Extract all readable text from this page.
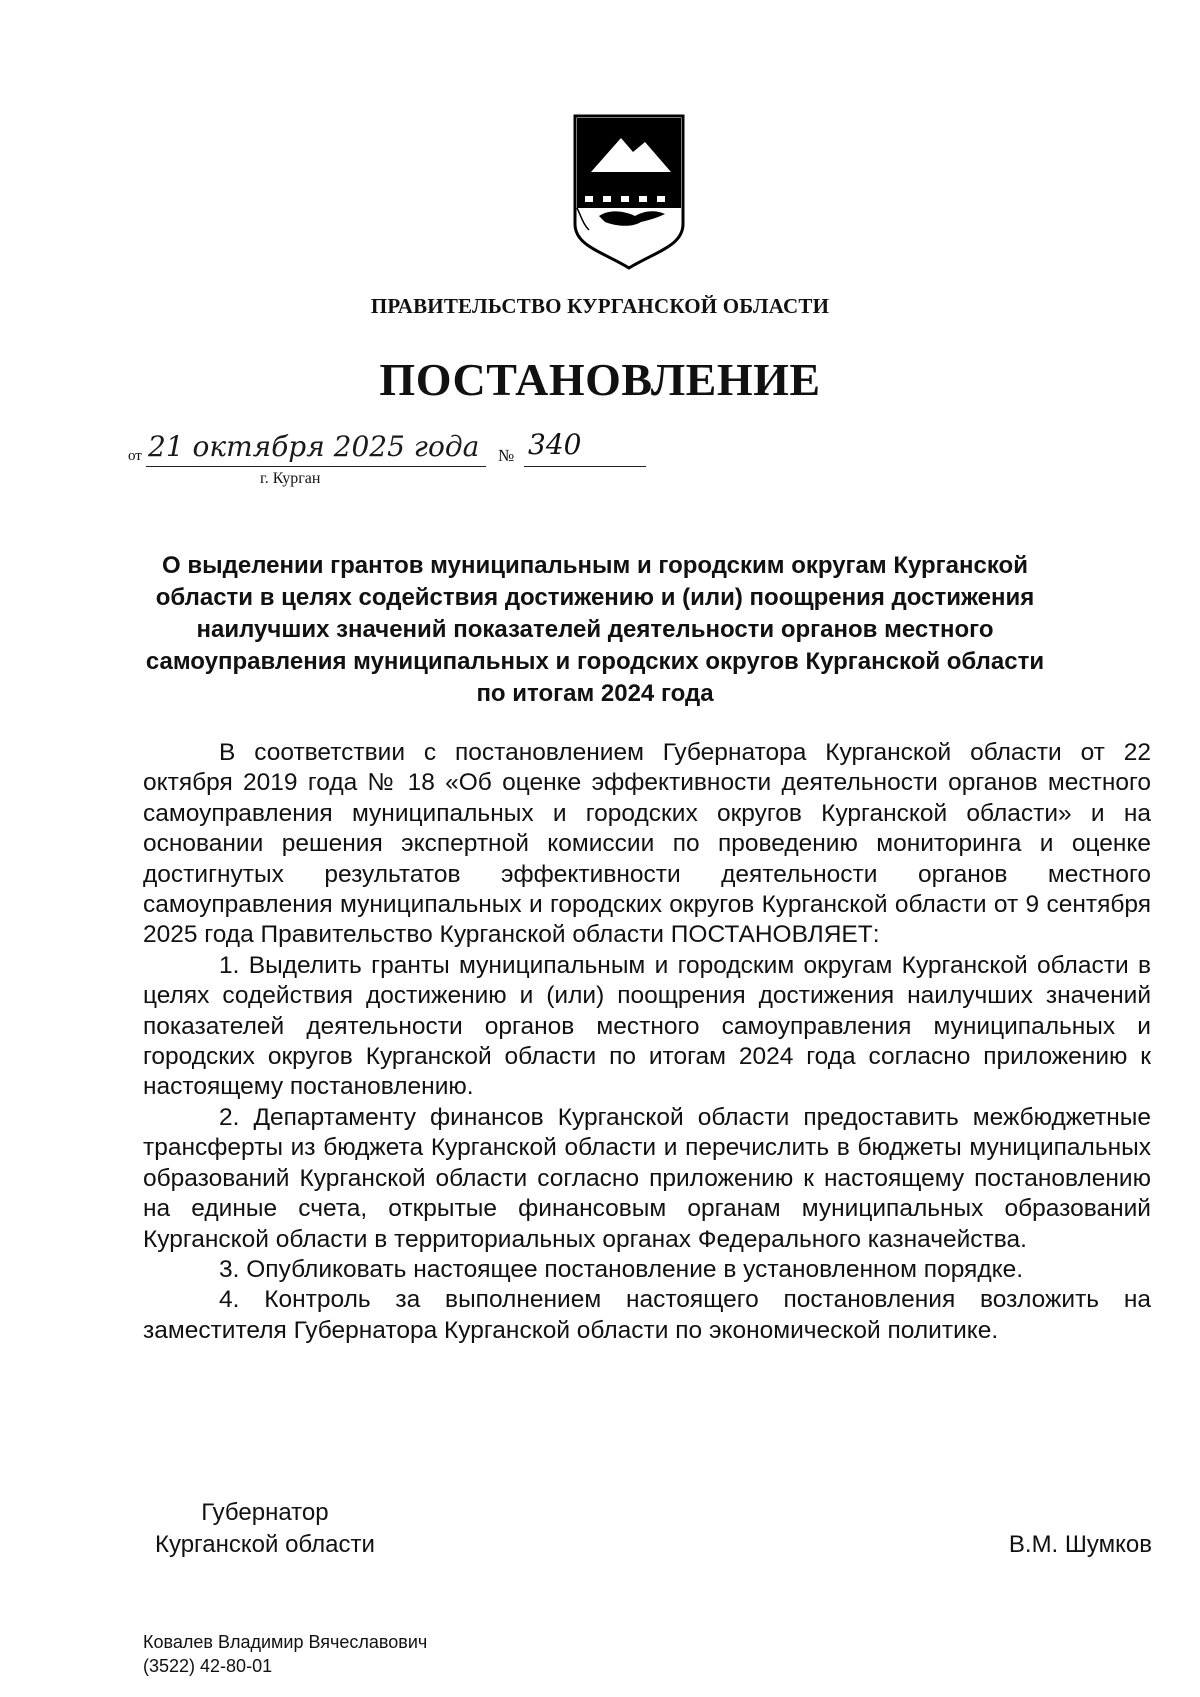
ПРАВИТЕЛЬСТВО КУРГАНСКОЙ ОБЛАСТИ
ПОСТАНОВЛЕНИЕ
от 21 октября 2025 года № 340
г. Курган
О выделении грантов муниципальным и городским округам Курганской области в целях содействия достижению и (или) поощрения достижения наилучших значений показателей деятельности органов местного самоуправления муниципальных и городских округов Курганской области по итогам 2024 года

В соответствии с постановлением Губернатора Курганской области от 22 октября 2019 года № 18 «Об оценке эффективности деятельности органов местного самоуправления муниципальных и городских округов Курганской области» и на основании решения экспертной комиссии по проведению мониторинга и оценке достигнутых результатов эффективности деятельности органов местного самоуправления муниципальных и городских округов Курганской области от 9 сентября 2025 года Правительство Курганской области ПОСТАНОВЛЯЕТ:

1. Выделить гранты муниципальным и городским округам Курганской области в целях содействия достижению и (или) поощрения достижения наилучших значений показателей деятельности органов местного самоуправления муниципальных и городских округов Курганской области по итогам 2024 года согласно приложению к настоящему постановлению.

2. Департаменту финансов Курганской области предоставить межбюджетные трансферты из бюджета Курганской области и перечислить в бюджеты муниципальных образований Курганской области согласно приложению к настоящему постановлению на единые счета, открытые финансовым органам муниципальных образований Курганской области в территориальных органах Федерального казначейства.

3. Опубликовать настоящее постановление в установленном порядке.

4. Контроль за выполнением настоящего постановления возложить на заместителя Губернатора Курганской области по экономической политике.

Губернатор
Курганской области	В.М. Шумков
Ковалев Владимир Вячеславович
(3522) 42-80-01
